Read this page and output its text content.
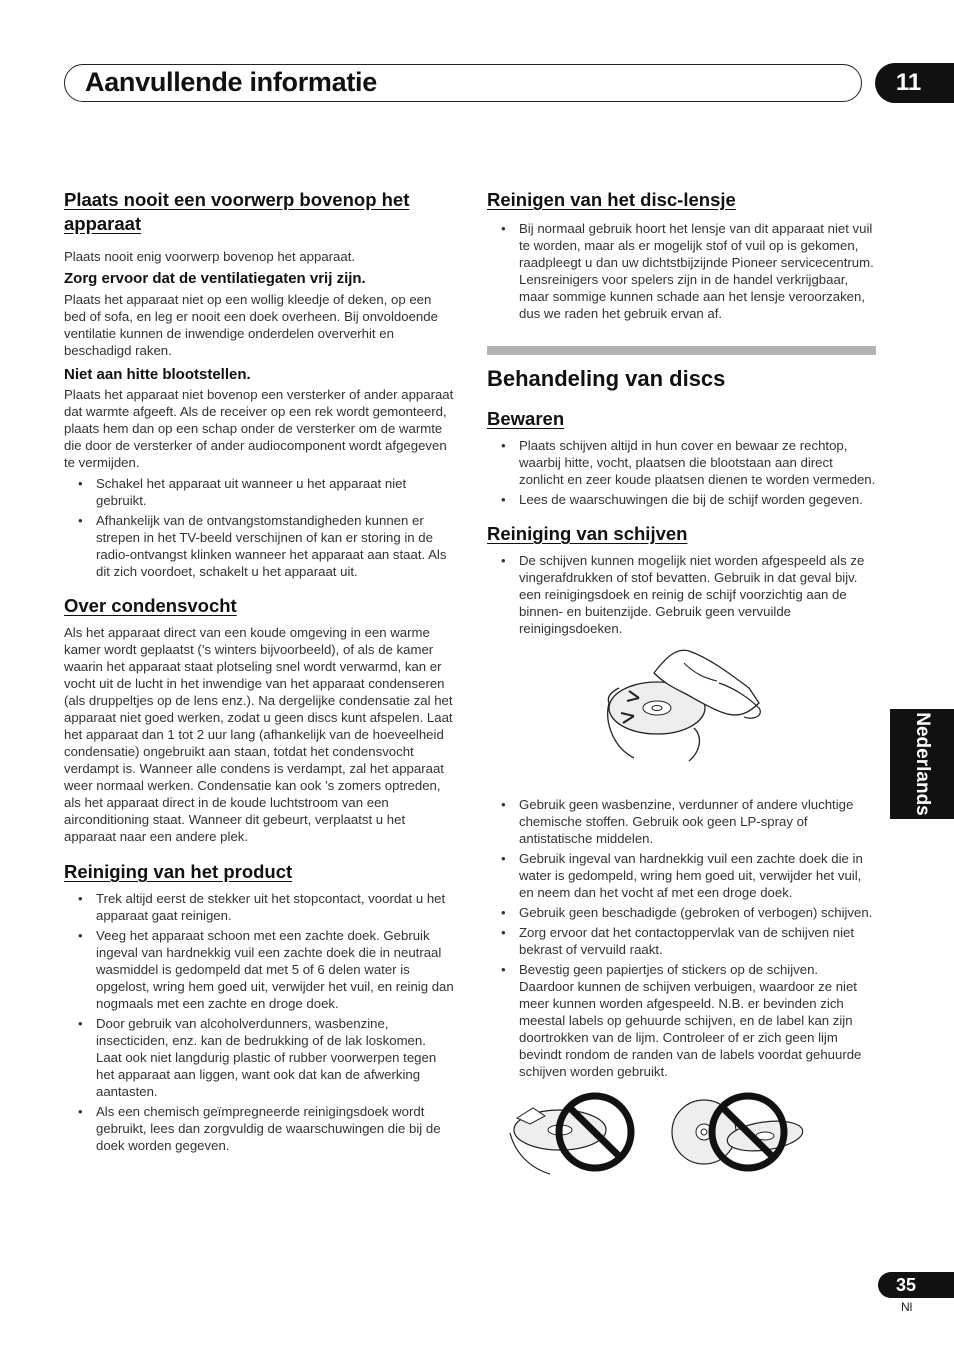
Aanvullende informatie	11
Nederlands
35
Nl
Plaats nooit een voorwerp bovenop het apparaat

Plaats nooit enig voorwerp bovenop het apparaat.

Zorg ervoor dat de ventilatiegaten vrij zijn.

Plaats het apparaat niet op een wollig kleedje of deken, op een bed of sofa, en leg er nooit een doek overheen. Bij onvoldoende ventilatie kunnen de inwendige onderdelen oververhit en beschadigd raken.

Niet aan hitte blootstellen.

Plaats het apparaat niet bovenop een versterker of ander apparaat dat warmte afgeeft. Als de receiver op een rek wordt gemonteerd, plaats hem dan op een schap onder de versterker om de warmte die door de versterker of ander audiocomponent wordt afgegeven te vermijden.

• Schakel het apparaat uit wanneer u het apparaat niet gebruikt.
• Afhankelijk van de ontvangstomstandigheden kunnen er strepen in het TV-beeld verschijnen of kan er storing in de radio-ontvangst klinken wanneer het apparaat aan staat. Als dit zich voordoet, schakelt u het apparaat uit.
Over condensvocht

Als het apparaat direct van een koude omgeving in een warme kamer wordt geplaatst (’s winters bijvoorbeeld), of als de kamer waarin het apparaat staat plotseling snel wordt verwarmd, kan er vocht uit de lucht in het inwendige van het apparaat condenseren (als druppeltjes op de lens enz.). Na dergelijke condensatie zal het apparaat niet goed werken, zodat u geen discs kunt afspelen. Laat het apparaat dan 1 tot 2 uur lang (afhankelijk van de hoeveelheid condensatie) ongebruikt aan staan, totdat het condensvocht verdampt is. Wanneer alle condens is verdampt, zal het apparaat weer normaal werken. Condensatie kan ook ’s zomers optreden, als het apparaat direct in de koude luchtstroom van een airconditioning staat. Wanneer dit gebeurt, verplaatst u het apparaat naar een andere plek.

Reiniging van het product
• Trek altijd eerst de stekker uit het stopcontact, voordat u het apparaat gaat reinigen.
• Veeg het apparaat schoon met een zachte doek. Gebruik ingeval van hardnekkig vuil een zachte doek die in neutraal wasmiddel is gedompeld dat met 5 of 6 delen water is opgelost, wring hem goed uit, verwijder het vuil, en reinig dan nogmaals met een zachte en droge doek.
• Door gebruik van alcoholverdunners, wasbenzine, insecticiden, enz. kan de bedrukking of de lak loskomen. Laat ook niet langdurig plastic of rubber voorwerpen tegen het apparaat aan liggen, want ook dat kan de afwerking aantasten.
• Als een chemisch geïmpregneerde reinigingsdoek wordt gebruikt, lees dan zorgvuldig de waarschuwingen die bij de doek worden gegeven.
Reinigen van het disc-lensje
• Bij normaal gebruik hoort het lensje van dit apparaat niet vuil te worden, maar als er mogelijk stof of vuil op is gekomen, raadpleegt u dan uw dichtstbijzijnde Pioneer servicecentrum. Lensreinigers voor spelers zijn in de handel verkrijgbaar, maar sommige kunnen schade aan het lensje veroorzaken, dus we raden het gebruik ervan af.
Behandeling van discs
Bewaren
• Plaats schijven altijd in hun cover en bewaar ze rechtop, waarbij hitte, vocht, plaatsen die blootstaan aan direct zonlicht en zeer koude plaatsen dienen te worden vermeden.
• Lees de waarschuwingen die bij de schijf worden gegeven.
Reiniging van schijven
• De schijven kunnen mogelijk niet worden afgespeeld als ze vingerafdrukken of stof bevatten. Gebruik in dat geval bijv. een reinigingsdoek en reinig de schijf voorzichtig aan de binnen- en buitenzijde. Gebruik geen vervuilde reinigingsdoeken.
• Gebruik geen wasbenzine, verdunner of andere vluchtige chemische stoffen. Gebruik ook geen LP-spray of antistatische middelen.
• Gebruik ingeval van hardnekkig vuil een zachte doek die in water is gedompeld, wring hem goed uit, verwijder het vuil, en neem dan het vocht af met een droge doek.
• Gebruik geen beschadigde (gebroken of verbogen) schijven.
• Zorg ervoor dat het contactoppervlak van de schijven niet bekrast of vervuild raakt.
• Bevestig geen papiertjes of stickers op de schijven. Daardoor kunnen de schijven verbuigen, waardoor ze niet meer kunnen worden afgespeeld. N.B. er bevinden zich meestal labels op gehuurde schijven, en de label kan zijn doortrokken van de lijm. Controleer of er zich geen lijm bevindt rondom de randen van de labels voordat gehuurde schijven worden gebruikt.
